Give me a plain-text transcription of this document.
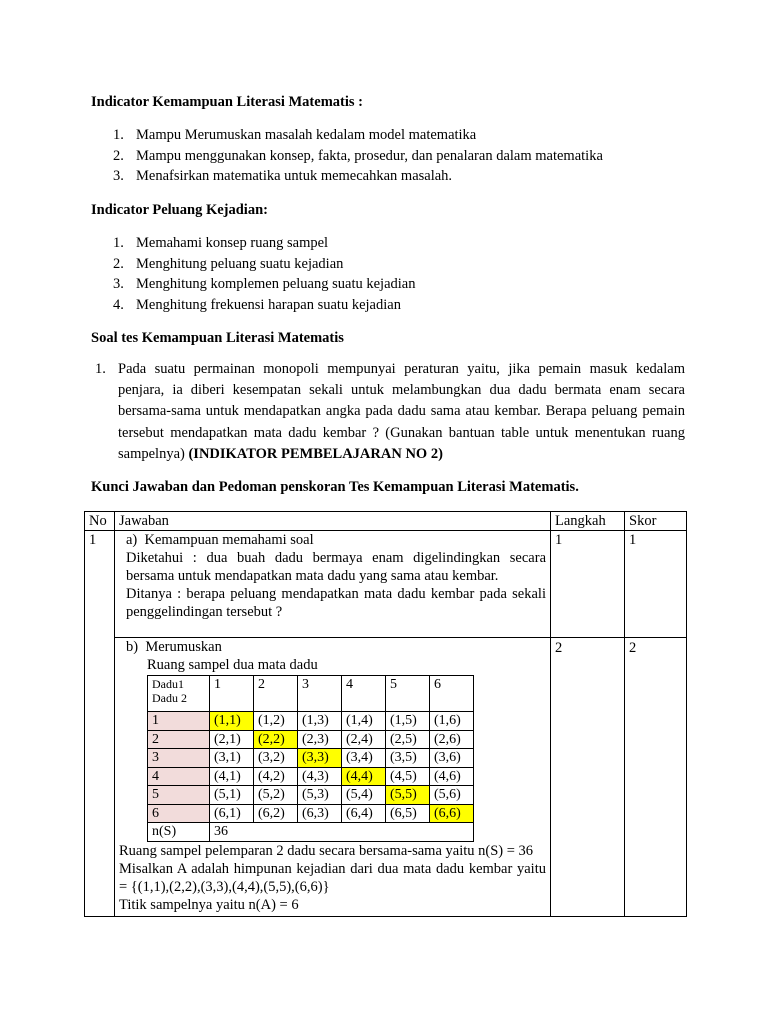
Indicator Kemampuan Literasi Matematis :
1. Mampu Merumuskan masalah kedalam model matematika
2. Mampu menggunakan konsep, fakta, prosedur, dan penalaran dalam matematika
3. Menafsirkan matematika untuk memecahkan masalah.
Indicator Peluang Kejadian:
1. Memahami konsep ruang sampel
2. Menghitung peluang suatu kejadian
3. Menghitung komplemen peluang suatu kejadian
4. Menghitung frekuensi harapan suatu kejadian
Soal tes Kemampuan Literasi Matematis
1. Pada suatu permainan monopoli mempunyai peraturan yaitu, jika pemain masuk kedalam penjara, ia diberi kesempatan sekali untuk melambungkan dua dadu bermata enam secara bersama-sama untuk mendapatkan angka pada dadu sama atau kembar. Berapa peluang pemain tersebut mendapatkan mata dadu kembar ? (Gunakan bantuan table untuk menentukan ruang sampelnya) (INDIKATOR PEMBELAJARAN NO 2)
Kunci Jawaban dan Pedoman penskoran Tes Kemampuan Literasi Matematis.
No	Jawaban	Langkah	Skor
1	a) Kemampuan memahami soal
Diketahui : dua buah dadu bermaya enam digelindingkan secara bersama untuk mendapatkan mata dadu yang sama atau kembar.
Ditanya : berapa peluang mendapatkan mata dadu kembar pada sekali penggelindingan tersebut ?
	1	1

b) Merumuskan
Ruang sampel dua mata dadu
Dadu1
Dadu 2
	1	2	3	4	5	6
1	(1,1)	(1,2)	(1,3)	(1,4)	(1,5)	(1,6)
2	(2,1)	(2,2)	(2,3)	(2,4)	(2,5)	(2,6)
3	(3,1)	(3,2)	(3,3)	(3,4)	(3,5)	(3,6)
4	(4,1)	(4,2)	(4,3)	(4,4)	(4,5)	(4,6)
5	(5,1)	(5,2)	(5,3)	(5,4)	(5,5)	(5,6)
6	(6,1)	(6,2)	(6,3)	(6,4)	(6,5)	(6,6)
n(S)	36
Ruang sampel pelemparan 2 dadu secara bersama-sama yaitu n(S) = 36
Misalkan A adalah himpunan kejadian dari dua mata dadu kembar yaitu = {(1,1),(2,2),(3,3),(4,4),(5,5),(6,6)}
Titik sampelnya yaitu n(A) = 6
	2	2
